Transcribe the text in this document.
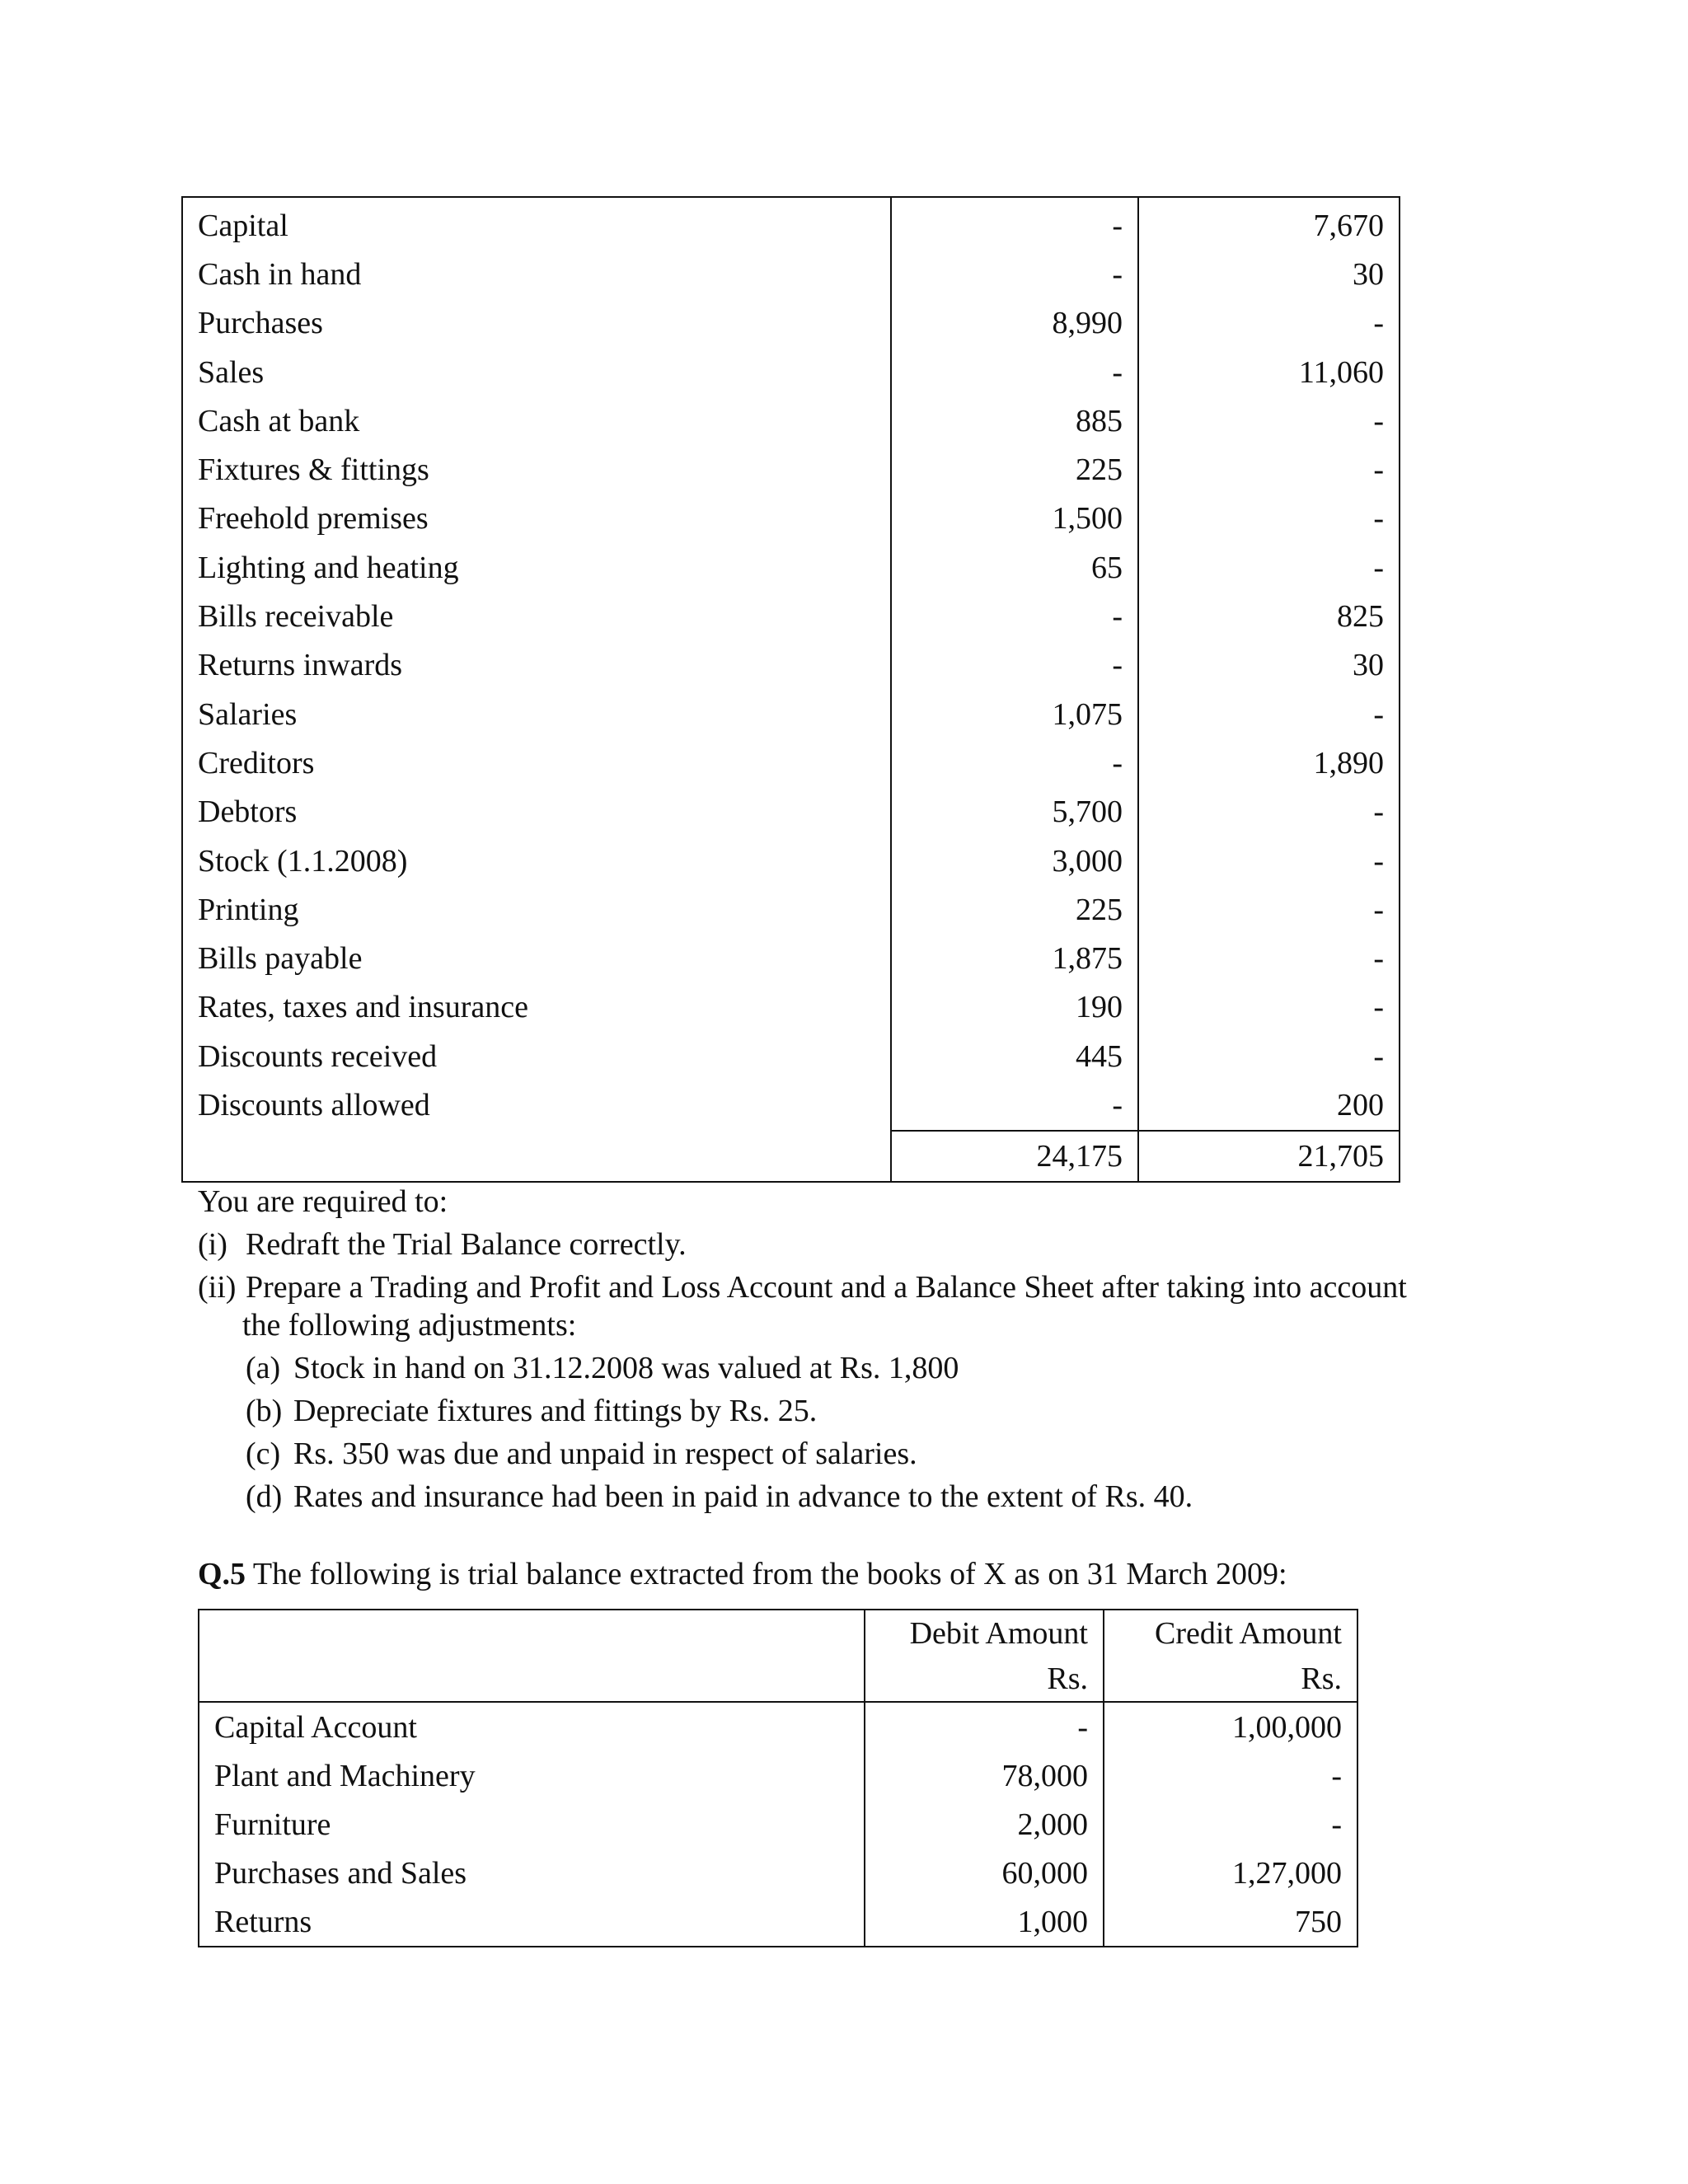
Capital	-	7,670
Cash in hand	-	30
Purchases	8,990	-
Sales	-	11,060
Cash at bank	885	-
Fixtures & fittings	225	-
Freehold premises	1,500	-
Lighting and heating	65	-
Bills receivable	-	825
Returns inwards	-	30
Salaries	1,075	-
Creditors	-	1,890
Debtors	5,700	-
Stock (1.1.2008)	3,000	-
Printing	225	-
Bills payable	1,875	-
Rates, taxes and insurance	190	-
Discounts received	445	-
Discounts allowed	-	200
	24,175	21,705
You are required to:
(i) Redraft the Trial Balance correctly.
(ii) Prepare a Trading and Profit and Loss Account and a Balance Sheet after taking into account
the following adjustments:
(a) Stock in hand on 31.12.2008 was valued at Rs. 1,800
(b) Depreciate fixtures and fittings by Rs. 25.
(c) Rs. 350 was due and unpaid in respect of salaries.
(d) Rates and insurance had been in paid in advance to the extent of Rs. 40.
Q.5 The following is trial balance extracted from the books of X as on 31 March 2009:
	Debit Amount	Credit Amount
	Rs.	Rs.
Capital Account	-	1,00,000
Plant and Machinery	78,000	-
Furniture	2,000	-
Purchases and Sales	60,000	1,27,000
Returns	1,000	750
